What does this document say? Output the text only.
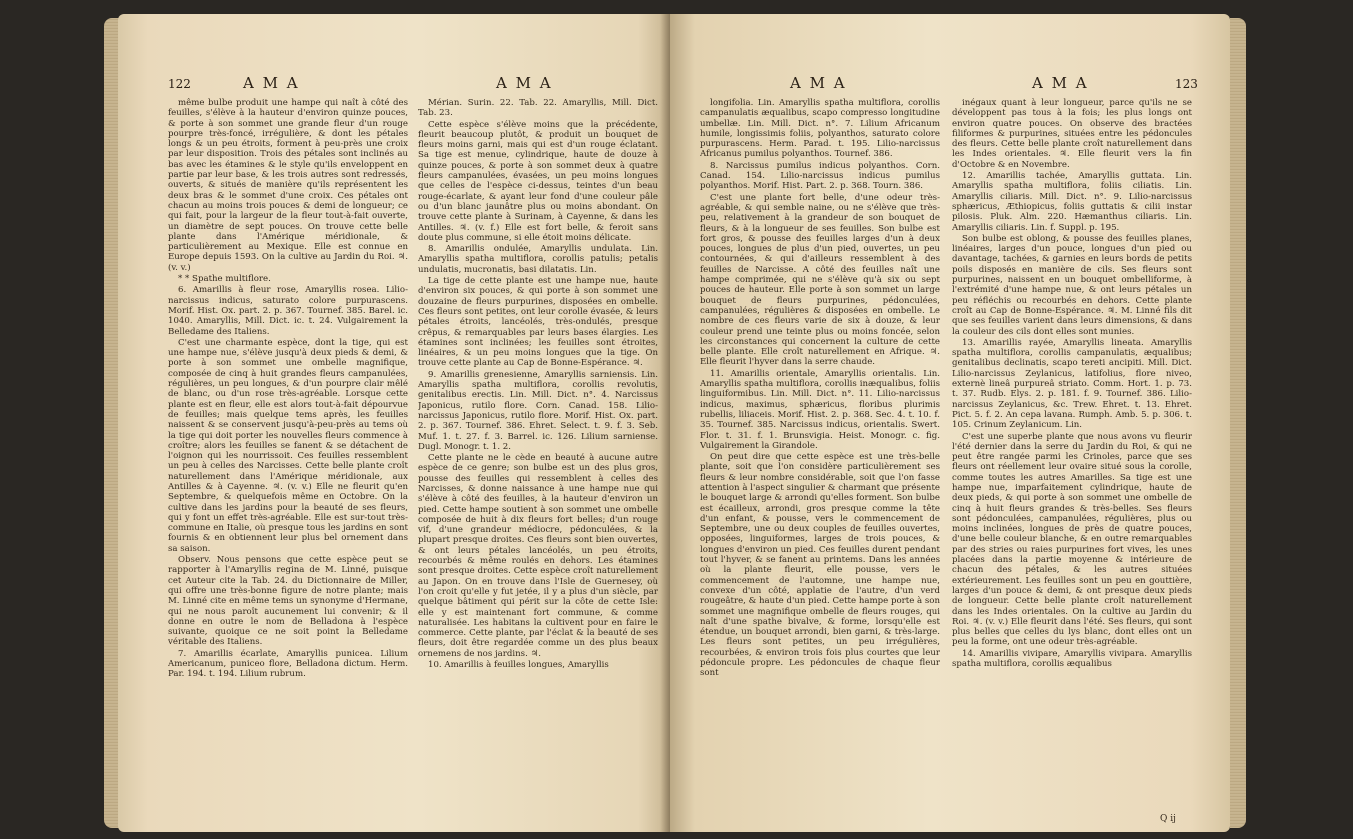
122	A M A	A M A

même bulbe produit une hampe qui naît à côté des feuilles, s'élève à la hauteur d'environ quinze pouces, & porte à son sommet une grande fleur d'un rouge pourpre très-foncé, irrégulière, & dont les pétales longs & un peu étroits, forment à peu-près une croix par leur disposition. Trois des pétales sont inclinés au bas avec les étamines & le style qu'ils enveloppent en partie par leur base, & les trois autres sont redressés, ouverts, & situés de manière qu'ils représentent les deux bras & le sommet d'une croix. Ces pétales ont chacun au moins trois pouces & demi de longueur; ce qui fait, pour la largeur de la fleur tout-à-fait ouverte, un diamètre de sept pouces. On trouve cette belle plante dans l'Amérique méridionale, & particulièrement au Mexique. Elle est connue en Europe depuis 1593. On la cultive au Jardin du Roi. ♃. (v. v.)

* * Spathe multiflore.

6. Amarillis à fleur rose, Amaryllis rosea. Lilio-narcissus indicus, saturato colore purpurascens. Morif. Hist. Ox. part. 2. p. 367. Tournef. 385. Barel. ic. 1040. Amaryllis, Mill. Dict. ic. t. 24. Vulgairement la Belledame des Italiens.

C'est une charmante espèce, dont la tige, qui est une hampe nue, s'élève jusqu'à deux pieds & demi, & porte à son sommet une ombelle magnifique, composée de cinq à huit grandes fleurs campanulées, régulières, un peu longues, & d'un pourpre clair mêlé de blanc, ou d'un rose très-agréable. Lorsque cette plante est en fleur, elle est alors tout-à-fait dépourvue de feuilles; mais quelque tems après, les feuilles naissent & se conservent jusqu'à-peu-près au tems où la tige qui doit porter les nouvelles fleurs commence à croître; alors les feuilles se fanent & se détachent de l'oignon qui les nourrissoit. Ces feuilles ressemblent un peu à celles des Narcisses. Cette belle plante croît naturellement dans l'Amérique méridionale, aux Antilles & à Cayenne. ♃. (v. v.) Elle ne fleurit qu'en Septembre, & quelquefois même en Octobre. On la cultive dans les jardins pour la beauté de ses fleurs, qui y font un effet très-agréable. Elle est sur-tout très-commune en Italie, où presque tous les jardins en sont fournis & en obtiennent leur plus bel ornement dans sa saison.

Observ. Nous pensons que cette espèce peut se rapporter à l'Amaryllis regina de M. Linné, puisque cet Auteur cite la Tab. 24. du Dictionnaire de Miller, qui offre une très-bonne figure de notre plante; mais M. Linné cite en même tems un synonyme d'Hermane, qui ne nous paroît aucunement lui convenir; & il donne en outre le nom de Belladona à l'espèce suivante, quoique ce ne soit point la Belledame véritable des Italiens.

7. Amarillis écarlate, Amaryllis punicea. Lilium Americanum, puniceo flore, Belladona dictum. Herm. Par. 194. t. 194. Lilium rubrum.

Mérian. Surin. 22. Tab. 22. Amaryllis, Mill. Dict. Tab. 23.

Cette espèce s'élève moins que la précédente, fleurit beaucoup plutôt, & produit un bouquet de fleurs moins garni, mais qui est d'un rouge éclatant. Sa tige est menue, cylindrique, haute de douze à quinze pouces, & porte à son sommet deux à quatre fleurs campanulées, évasées, un peu moins longues que celles de l'espèce ci-dessus, teintes d'un beau rouge-écarlate, & ayant leur fond d'une couleur pâle ou d'un blanc jaunâtre plus ou moins abondant. On trouve cette plante à Surinam, à Cayenne, & dans les Antilles. ♃. (v. f.) Elle est fort belle, & feroit sans doute plus commune, si elle étoit moins délicate.

8. Amarillis ondulée, Amaryllis undulata. Lin. Amaryllis spatha multiflora, corollis patulis; petalis undulatis, mucronatis, basi dilatatis. Lin.

La tige de cette plante est une hampe nue, haute d'environ six pouces, & qui porte à son sommet une douzaine de fleurs purpurines, disposées en ombelle. Ces fleurs sont petites, ont leur corolle évasée, & leurs pétales étroits, lancéolés, très-ondulés, presque crêpus, & remarquables par leurs bases élargies. Les étamines sont inclinées; les feuilles sont étroites, linéaires, & un peu moins longues que la tige. On trouve cette plante au Cap de Bonne-Espérance. ♃.

9. Amarillis grenesienne, Amaryllis sarniensis. Lin. Amaryllis spatha multiflora, corollis revolutis, genitalibus erectis. Lin. Mill. Dict. n°. 4. Narcissus Japonicus, rutilo flore. Corn. Canad. 158. Lilio-narcissus Japonicus, rutilo flore. Morif. Hist. Ox. part. 2. p. 367. Tournef. 386. Ehret. Select. t. 9. f. 3. Seb. Muf. 1. t. 27. f. 3. Barrel. ic. 126. Lilium sarniense. Dugl. Monogr. t. 1. 2.

Cette plante ne le cède en beauté à aucune autre espèce de ce genre; son bulbe est un des plus gros, pousse des feuilles qui ressemblent à celles des Narcisses, & donne naissance à une hampe nue qui s'élève à côté des feuilles, à la hauteur d'environ un pied. Cette hampe soutient à son sommet une ombelle composée de huit à dix fleurs fort belles; d'un rouge vif, d'une grandeur médiocre, pédonculées, & la plupart presque droites. Ces fleurs sont bien ouvertes, & ont leurs pétales lancéolés, un peu étroits, recourbés & même roulés en dehors. Les étamines sont presque droites. Cette espèce croît naturellement au Japon. On en trouve dans l'Isle de Guernesey, où l'on croit qu'elle y fut jetée, il y a plus d'un siècle, par quelque bâtiment qui périt sur la côte de cette Isle: elle y est maintenant fort commune, & comme naturalisée. Les habitans la cultivent pour en faire le commerce. Cette plante, par l'éclat & la beauté de ses fleurs, doit être regardée comme un des plus beaux ornemens de nos jardins. ♃.

10. Amarillis à feuilles longues, Amaryllis

A M A	A M A	123

longifolia. Lin. Amaryllis spatha multiflora, corollis campanulatis æqualibus, scapo compresso longitudine umbellæ. Lin. Mill. Dict. n°. 7. Lilium Africanum humile, longissimis foliis, polyanthos, saturato colore purpurascens. Herm. Parad. t. 195. Lilio-narcissus Africanus pumilus polyanthos. Tournef. 386.

8. Narcissus pumilus indicus polyanthos. Corn. Canad. 154. Lilio-narcissus indicus pumilus polyanthos. Morif. Hist. Part. 2. p. 368. Tourn. 386.

C'est une plante fort belle, d'une odeur très-agréable, & qui semble naine, ou ne s'élève que très-peu, relativement à la grandeur de son bouquet de fleurs, & à la longueur de ses feuilles. Son bulbe est fort gros, & pousse des feuilles larges d'un à deux pouces, longues de plus d'un pied, ouvertes, un peu contournées, & qui d'ailleurs ressemblent à des feuilles de Narcisse. A côté des feuilles naît une hampe comprimée, qui ne s'élève qu'à six ou sept pouces de hauteur. Elle porte à son sommet un large bouquet de fleurs purpurines, pédonculées, campanulées, régulières & disposées en ombelle. Le nombre de ces fleurs varie de six à douze, & leur couleur prend une teinte plus ou moins foncée, selon les circonstances qui concernent la culture de cette belle plante. Elle croît naturellement en Afrique. ♃. Elle fleurit l'hyver dans la serre chaude.

11. Amarillis orientale, Amaryllis orientalis. Lin. Amaryllis spatha multiflora, corollis inæqualibus, foliis linguiformibus. Lin. Mill. Dict. n°. 11. Lilio-narcissus indicus, maximus, sphæricus, floribus plurimis rubellis, liliaceis. Morif. Hist. 2. p. 368. Sec. 4. t. 10. f. 35. Tournef. 385. Narcissus indicus, orientalis. Swert. Flor. t. 31. f. 1. Brunsvigia. Heist. Monogr. c. fig. Vulgairement la Girandole.

On peut dire que cette espèce est une très-belle plante, soit que l'on considère particulièrement ses fleurs & leur nombre considérable, soit que l'on fasse attention à l'aspect singulier & charmant que présente le bouquet large & arrondi qu'elles forment. Son bulbe est écailleux, arrondi, gros presque comme la tête d'un enfant, & pousse, vers le commencement de Septembre, une ou deux couples de feuilles ouvertes, opposées, linguiformes, larges de trois pouces, & longues d'environ un pied. Ces feuilles durent pendant tout l'hyver, & se fanent au printems. Dans les années où la plante fleurit, elle pousse, vers le commencement de l'automne, une hampe nue, convexe d'un côté, applatie de l'autre, d'un verd rougeâtre, & haute d'un pied. Cette hampe porte à son sommet une magnifique ombelle de fleurs rouges, qui naît d'une spathe bivalve, & forme, lorsqu'elle est étendue, un bouquet arrondi, bien garni, & très-large. Les fleurs sont petites, un peu irrégulières, recourbées, & environ trois fois plus courtes que leur pédoncule propre. Les pédoncules de chaque fleur sont

inégaux quant à leur longueur, parce qu'ils ne se développent pas tous à la fois; les plus longs ont environ quatre pouces. On observe des bractées filiformes & purpurines, situées entre les pédoncules des fleurs. Cette belle plante croît naturellement dans les Indes orientales. ♃. Elle fleurit vers la fin d'Octobre & en Novembre.

12. Amarillis tachée, Amaryllis guttata. Lin. Amaryllis spatha multiflora, foliis ciliatis. Lin. Amaryllis ciliaris. Mill. Dict. n°. 9. Lilio-narcissus sphæricus, Æthiopicus, foliis guttatis & cilii instar pilosis. Pluk. Alm. 220. Hæmanthus ciliaris. Lin. Amaryllis ciliaris. Lin. f. Suppl. p. 195.

Son bulbe est oblong, & pousse des feuilles planes, linéaires, larges d'un pouce, longues d'un pied ou davantage, tachées, & garnies en leurs bords de petits poils disposés en manière de cils. Ses fleurs sont purpurines, naissent en un bouquet ombelliforme, à l'extrémité d'une hampe nue, & ont leurs pétales un peu réfléchis ou recourbés en dehors. Cette plante croît au Cap de Bonne-Espérance. ♃. M. Linné fils dit que ses feuilles varient dans leurs dimensions, & dans la couleur des cils dont elles sont munies.

13. Amarillis rayée, Amaryllis lineata. Amaryllis spatha multiflora, corollis campanulatis, æqualibus; genitalibus declinatis, scapo tereti ancipiti. Mill. Dict. Lilio-narcissus Zeylanicus, latifolius, flore niveo, externè lineâ purpureâ striato. Comm. Hort. 1. p. 73. t. 37. Rudb. Elys. 2. p. 181. f. 9. Tournef. 386. Lilio-narcissus Zeylanicus, &c. Trew. Ehret. t. 13. Ehret. Pict. 5. f. 2. An cepa lavana. Rumph. Amb. 5. p. 306. t. 105. Crinum Zeylanicum. Lin.

C'est une superbe plante que nous avons vu fleurir l'été dernier dans la serre du Jardin du Roi, & qui ne peut être rangée parmi les Crinoles, parce que ses fleurs ont réellement leur ovaire situé sous la corolle, comme toutes les autres Amarilles. Sa tige est une hampe nue, imparfaitement cylindrique, haute de deux pieds, & qui porte à son sommet une ombelle de cinq à huit fleurs grandes & très-belles. Ses fleurs sont pédonculées, campanulées, régulières, plus ou moins inclinées, longues de près de quatre pouces, d'une belle couleur blanche, & en outre remarquables par des stries ou raies purpurines fort vives, les unes placées dans la partie moyenne & intérieure de chacun des pétales, & les autres situées extérieurement. Les feuilles sont un peu en gouttière, larges d'un pouce & demi, & ont presque deux pieds de longueur. Cette belle plante croît naturellement dans les Indes orientales. On la cultive au Jardin du Roi. ♃. (v. v.) Elle fleurit dans l'été. Ses fleurs, qui sont plus belles que celles du lys blanc, dont elles ont un peu la forme, ont une odeur très-agréable.

14. Amarillis vivipare, Amaryllis vivipara. Amaryllis spatha multiflora, corollis æqualibus

Q ij
